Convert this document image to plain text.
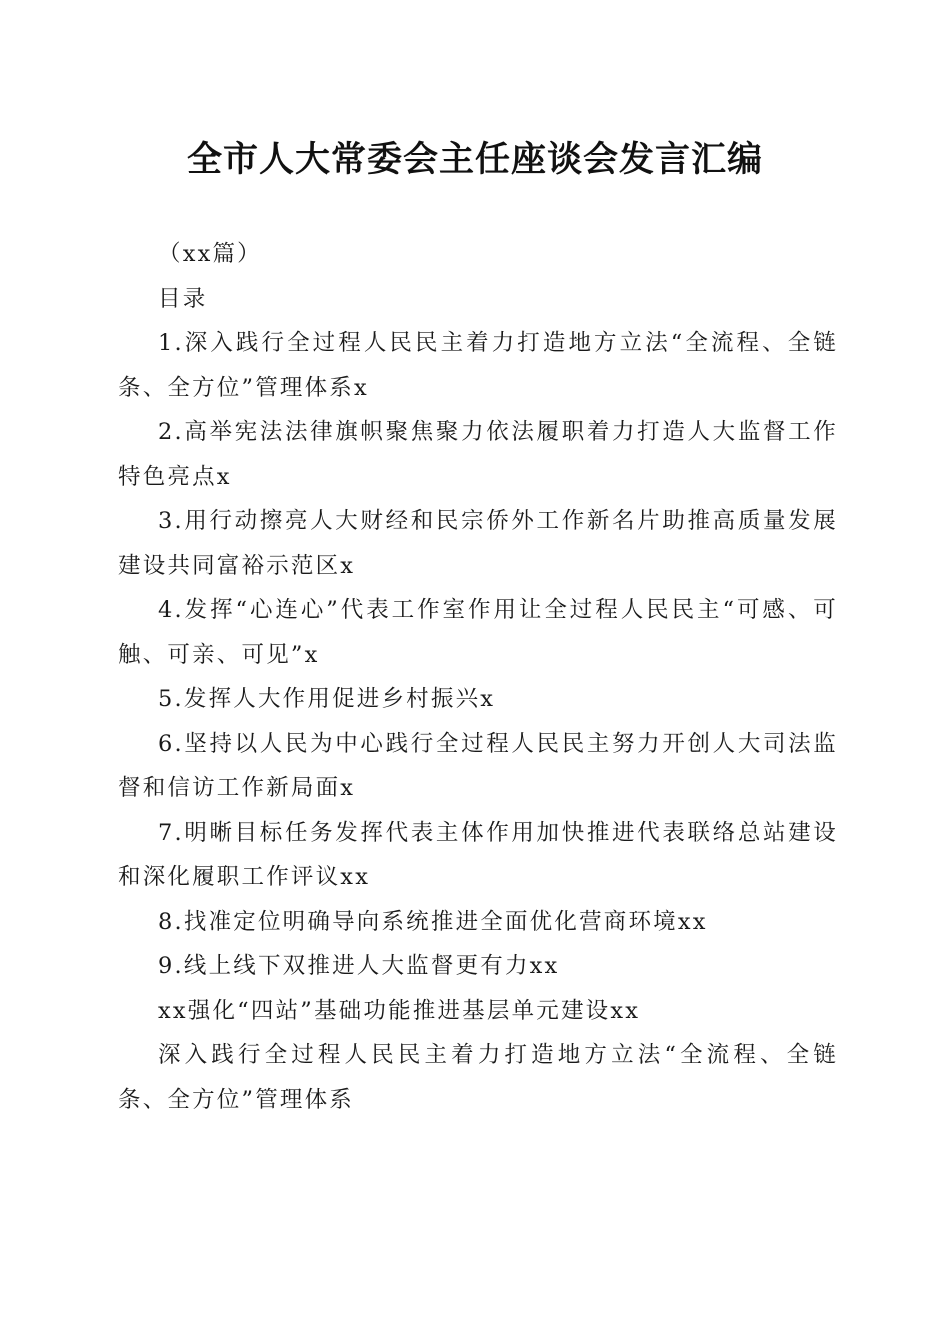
全市人大常委会主任座谈会发言汇编

（xx篇）

目录

1.深入践行全过程人民民主着力打造地方立法“全流程、全链条、全方位”管理体系x

2.高举宪法法律旗帜聚焦聚力依法履职着力打造人大监督工作特色亮点x

3.用行动擦亮人大财经和民宗侨外工作新名片助推高质量发展建设共同富裕示范区x

4.发挥“心连心”代表工作室作用让全过程人民民主“可感、可触、可亲、可见”x

5.发挥人大作用促进乡村振兴x

6.坚持以人民为中心践行全过程人民民主努力开创人大司法监督和信访工作新局面x

7.明晰目标任务发挥代表主体作用加快推进代表联络总站建设和深化履职工作评议xx

8.找准定位明确导向系统推进全面优化营商环境xx

9.线上线下双推进人大监督更有力xx

xx强化“四站”基础功能推进基层单元建设xx

深入践行全过程人民民主着力打造地方立法“全流程、全链条、全方位”管理体系
